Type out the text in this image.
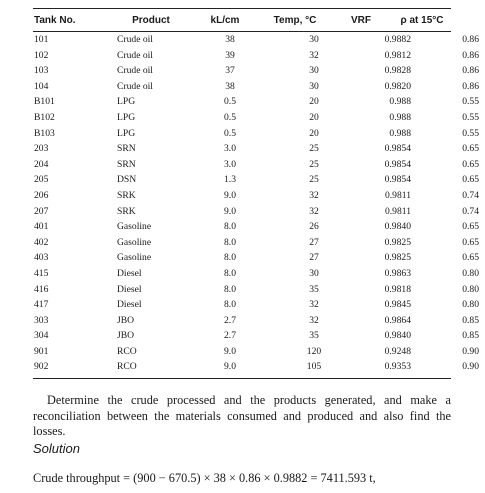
Tank No.	Product	kL/cm	Temp, °C	VRF	ρ at 15°C
101	Crude oil	38	30	0.9882	0.86
102	Crude oil	39	32	0.9812	0.86
103	Crude oil	37	30	0.9828	0.86
104	Crude oil	38	30	0.9820	0.86
B101	LPG	0.5	20	0.988	0.55
B102	LPG	0.5	20	0.988	0.55
B103	LPG	0.5	20	0.988	0.55
203	SRN	3.0	25	0.9854	0.65
204	SRN	3.0	25	0.9854	0.65
205	DSN	1.3	25	0.9854	0.65
206	SRK	9.0	32	0.9811	0.74
207	SRK	9.0	32	0.9811	0.74
401	Gasoline	8.0	26	0.9840	0.65
402	Gasoline	8.0	27	0.9825	0.65
403	Gasoline	8.0	27	0.9825	0.65
415	Diesel	8.0	30	0.9863	0.80
416	Diesel	8.0	35	0.9818	0.80
417	Diesel	8.0	32	0.9845	0.80
303	JBO	2.7	32	0.9864	0.85
304	JBO	2.7	35	0.9840	0.85
901	RCO	9.0	120	0.9248	0.90
902	RCO	9.0	105	0.9353	0.90
Determine the crude processed and the products generated, and make a reconciliation between the materials consumed and produced and also find the losses.
Solution
Crude throughput = (900 − 670.5) × 38 × 0.86 × 0.9882 = 7411.593 t,
